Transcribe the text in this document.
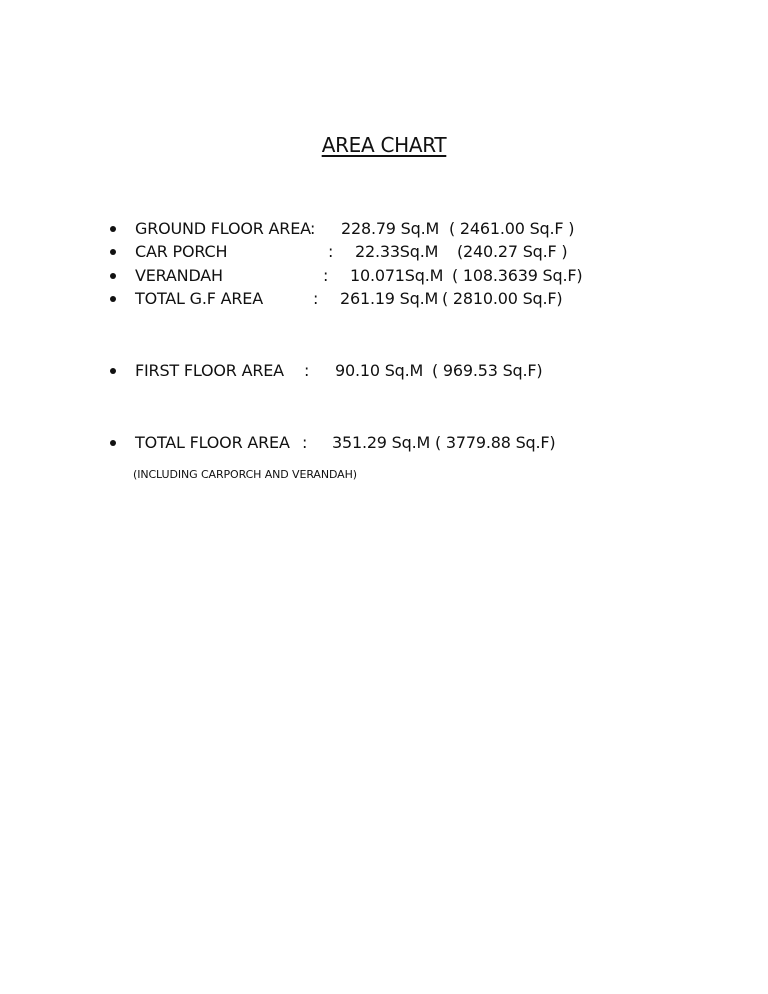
AREA CHART
GROUND FLOOR AREA : 228.79 Sq.M ( 2461.00 Sq.F )
CAR PORCH	: 22.33Sq.M (240.27 Sq.F )
VERANDAH	: 10.071Sq.M ( 108.3639 Sq.F)
TOTAL G.F AREA	: 261.19 Sq.M ( 2810.00 Sq.F)
FIRST FLOOR AREA : 90.10 Sq.M ( 969.53 Sq.F)
TOTAL FLOOR AREA : 351.29 Sq.M ( 3779.88 Sq.F)
(INCLUDING CARPORCH AND VERANDAH)
